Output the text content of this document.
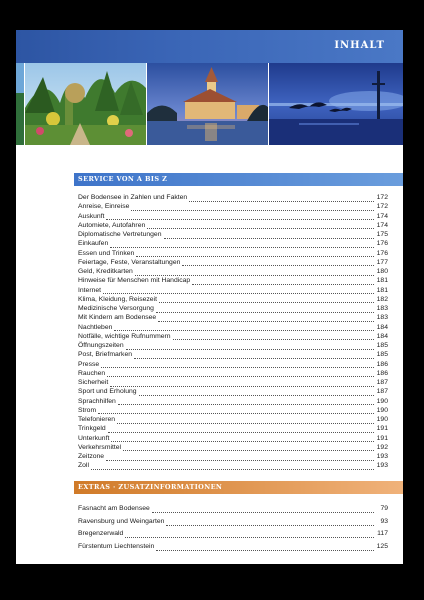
INHALT
SERVICE VON A BIS Z
Der Bodensee in Zahlen und Fakten	172
Anreise, Einreise	172
Auskunft	174
Automiete, Autofahren	174
Diplomatische Vertretungen	175
Einkaufen	176
Essen und Trinken	176
Feiertage, Feste, Veranstaltungen	177
Geld, Kreditkarten	180
Hinweise für Menschen mit Handicap	181
Internet	181
Klima, Kleidung, Reisezeit	182
Medizinische Versorgung	183
Mit Kindern am Bodensee	183
Nachtleben	184
Notfälle, wichtige Rufnummern	184
Öffnungszeiten	185
Post, Briefmarken	185
Presse	186
Rauchen	186
Sicherheit	187
Sport und Erholung	187
Sprachhilfen	190
Strom	190
Telefonieren	190
Trinkgeld	191
Unterkunft	191
Verkehrsmittel	192
Zeitzone	193
Zoll	193
EXTRAS · ZUSATZINFORMATIONEN
Fasnacht am Bodensee	79
Ravensburg und Weingarten	93
Bregenzerwald	117
Fürstentum Liechtenstein	125
